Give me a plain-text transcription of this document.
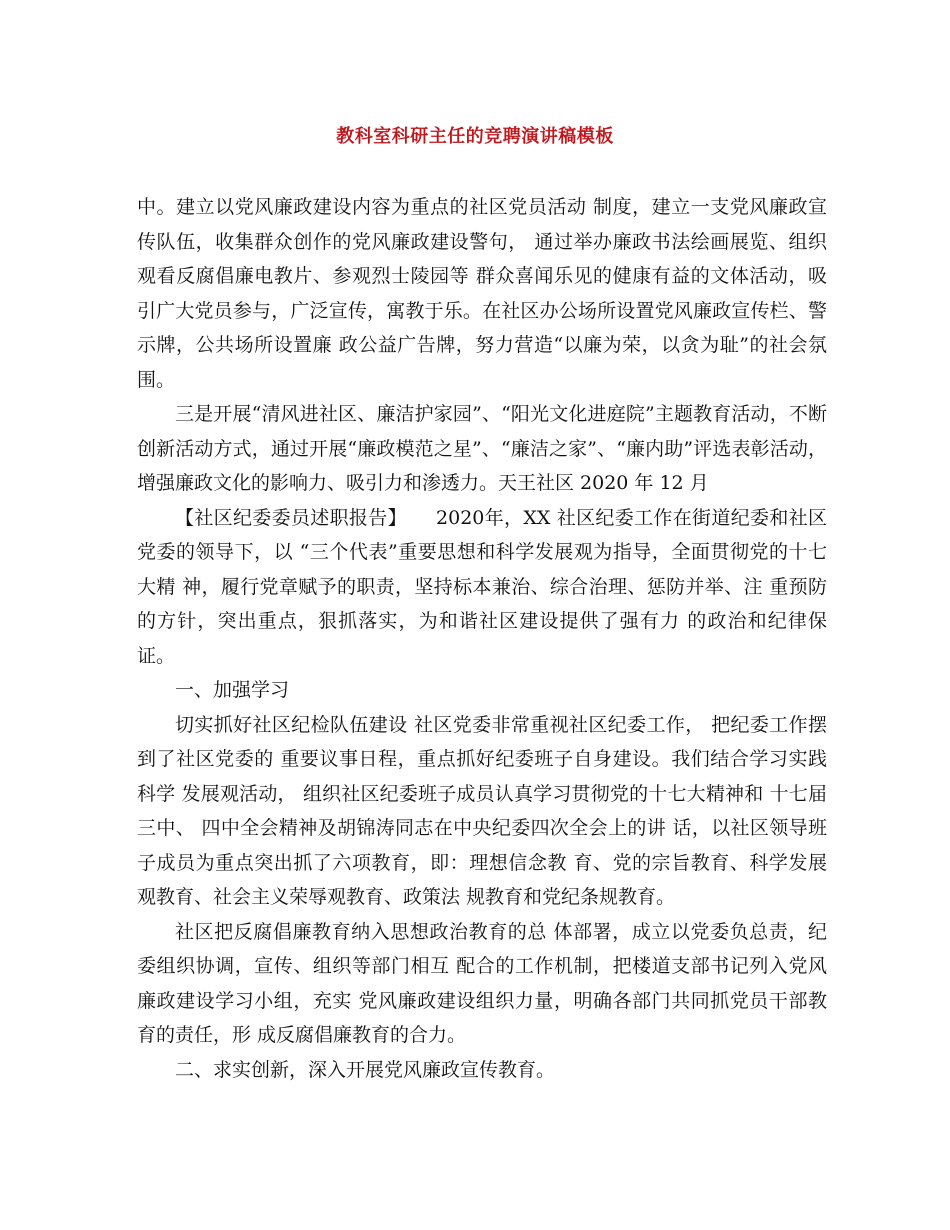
教科室科研主任的竞聘演讲稿模板

中。建立以党风廉政建设内容为重点的社区党员活动 制度，建立一支党风廉政宣传队伍，收集群众创作的党风廉政建设警句， 通过举办廉政书法绘画展览、组织观看反腐倡廉电教片、参观烈士陵园等 群众喜闻乐见的健康有益的文体活动，吸引广大党员参与，广泛宣传，寓教于乐。在社区办公场所设置党风廉政宣传栏、警示牌，公共场所设置廉 政公益广告牌，努力营造“以廉为荣，以贪为耻”的社会氛围。

三是开展“清风进社区、廉洁护家园”、“阳光文化进庭院”主题教育活动，不断创新活动方式，通过开展“廉政模范之星”、“廉洁之家”、“廉内助”评选表彰活动，增强廉政文化的影响力、吸引力和渗透力。天王社区 2020 年 12 月

【社区纪委委员述职报告】　　2020年，XX 社区纪委工作在街道纪委和社区党委的领导下，以 “三个代表”重要思想和科学发展观为指导，全面贯彻党的十七大精 神，履行党章赋予的职责，坚持标本兼治、综合治理、惩防并举、注 重预防的方针，突出重点，狠抓落实，为和谐社区建设提供了强有力 的政治和纪律保证。

一、加强学习

切实抓好社区纪检队伍建设 社区党委非常重视社区纪委工作， 把纪委工作摆到了社区党委的 重要议事日程，重点抓好纪委班子自身建设。我们结合学习实践科学 发展观活动， 组织社区纪委班子成员认真学习贯彻党的十七大精神和 十七届三中、 四中全会精神及胡锦涛同志在中央纪委四次全会上的讲 话，以社区领导班子成员为重点突出抓了六项教育，即：理想信念教 育、党的宗旨教育、科学发展观教育、社会主义荣辱观教育、政策法 规教育和党纪条规教育。

社区把反腐倡廉教育纳入思想政治教育的总 体部署，成立以党委负总责，纪委组织协调，宣传、组织等部门相互 配合的工作机制，把楼道支部书记列入党风廉政建设学习小组，充实 党风廉政建设组织力量，明确各部门共同抓党员干部教育的责任，形 成反腐倡廉教育的合力。

二、求实创新，深入开展党风廉政宣传教育。
